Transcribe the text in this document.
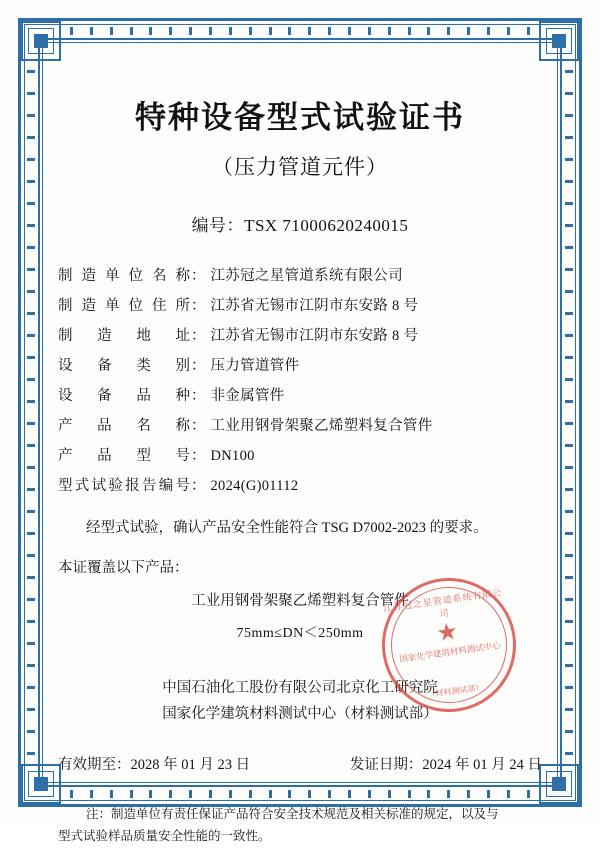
特种设备型式试验证书
（压力管道元件）
编号：TSX 71000620240015
制造单位名称 ： 江苏冠之星管道系统有限公司
制造单位住所 ： 江苏省无锡市江阴市东安路 8 号
制造地址 ： 江苏省无锡市江阴市东安路 8 号
设备类别 ： 压力管道管件
设备品种 ： 非金属管件
产品名称 ： 工业用钢骨架聚乙烯塑料复合管件
产品型号 ： DN100
型式试验报告编号 ： 2024(G)01112
经型式试验，确认产品安全性能符合 TSG D7002-2023 的要求。
本证覆盖以下产品：
工业用钢骨架聚乙烯塑料复合管件
75mm≤DN＜250mm
中国石油化工股份有限公司北京化工研究院
国家化学建筑材料测试中心（材料测试部）
有效期至：2028 年 01 月 23 日	发证日期：2024 年 01 月 24 日
注：制造单位有责任保证产品符合安全技术规范及相关标准的规定，以及与
型式试验样品质量安全性能的一致性。
江苏冠之星管道系统有限公司
★
国家化学建筑材料测试中心
（材料测试部）
